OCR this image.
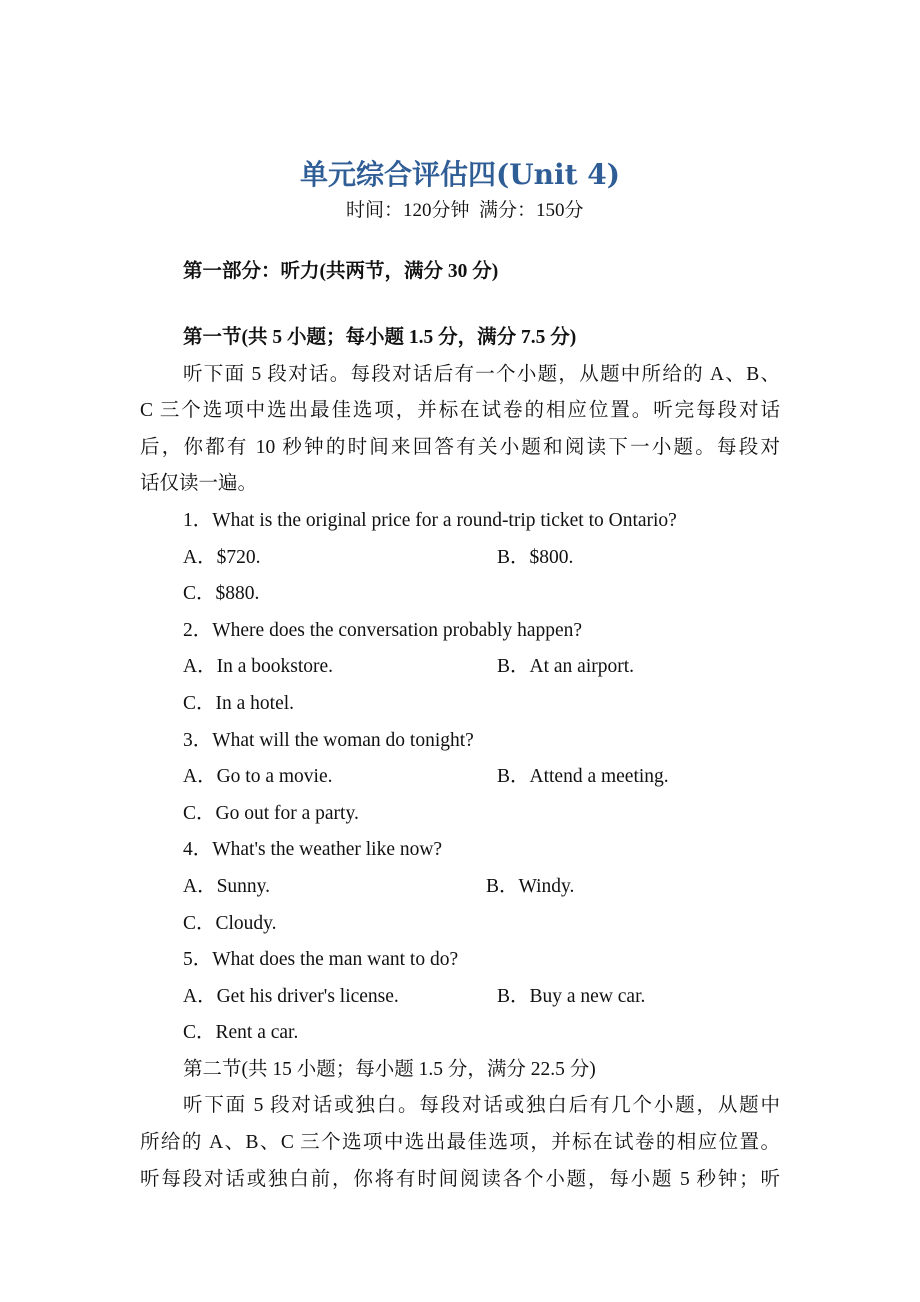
单元综合评估四(Unit 4)
时间：120分钟  满分：150分
第一部分：听力(共两节，满分 30 分)
第一节(共 5 小题；每小题 1.5 分，满分 7.5 分)
听下面 5 段对话。每段对话后有一个小题，从题中所给的 A、B、
C 三个选项中选出最佳选项，并标在试卷的相应位置。听完每段对话
后，你都有 10 秒钟的时间来回答有关小题和阅读下一小题。每段对
话仅读一遍。
1．What is the original price for a round-trip ticket to Ontario?
A．$720.	B．$800.
C．$880.
2．Where does the conversation probably happen?
A．In a bookstore.	B．At an airport.
C．In a hotel.
3．What will the woman do tonight?
A．Go to a movie.	B．Attend a meeting.
C．Go out for a party.
4．What's the weather like now?
A．Sunny.	B．Windy.
C．Cloudy.
5．What does the man want to do?
A．Get his driver's license.	B．Buy a new car.
C．Rent a car.
第二节(共 15 小题；每小题 1.5 分，满分 22.5 分)
听下面 5 段对话或独白。每段对话或独白后有几个小题，从题中
所给的 A、B、C 三个选项中选出最佳选项，并标在试卷的相应位置。
听每段对话或独白前，你将有时间阅读各个小题，每小题 5 秒钟；听
